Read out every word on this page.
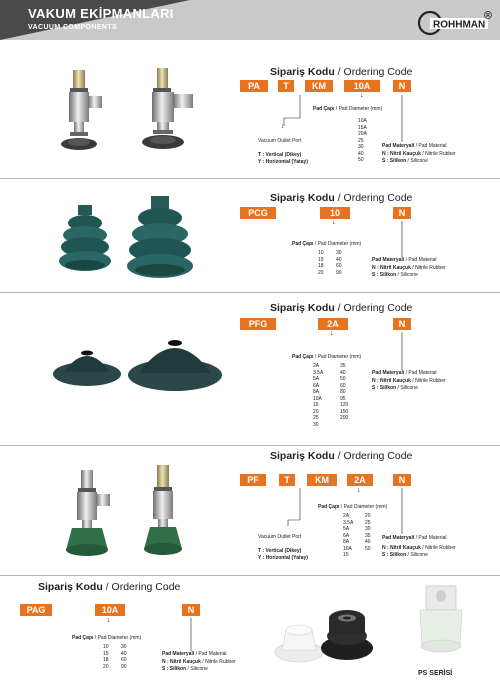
VAKUM EKİPMANLARI
VACUUM COMPONENTS	ROHHMAN
R
Sipariş Kodu / Ordering Code
PA	T	KM	10A	N
↓
Pad Çapı / Pad Diameter (mm)
10A
15A
20A
25
30
40
50
↓
Vacuum Outlet Port
T : Vertical (Dikey)
Y : Horizontal (Yatay)
Pad Materyali / Pad Material
N : Nitril Kauçuk / Nitrile Rubber
S : Silikon / Silicone
Sipariş Kodu / Ordering Code
PCG	10	N
↓
Pad Çapı / Pad Diameter (mm)
10
15
18
20
30
40
60
90
Pad Materyali / Pad Material
N : Nitril Kauçuk / Nitrile Rubber
S : Silikon / Silicone
Sipariş Kodu / Ordering Code
PFG	2A	N
↓
Pad Çapı / Pad Diameter (mm)
2A
3.5A
5A
6A
8A
10A
15
20
25
30
35
40
50
60
80
95
120
150
200
Pad Materyali / Pad Material
N : Nitril Kauçuk / Nitrile Rubber
S : Silikon / Silicone
Sipariş Kodu / Ordering Code
PF	T	KM	2A	N
↓
Pad Çapı / Pad Diameter (mm)
2A
3.5A
5A
6A
8A
10A
15
20
25
30
35
40
50
Vacuum Outlet Port
T : Vertical (Dikey)
Y : Horizontal (Yatay)
Pad Materyali / Pad Material
N : Nitril Kauçuk / Nitrile Rubber
S : Silikon / Silicone
Sipariş Kodu / Ordering Code
PAG	10A	N
↓
Pad Çapı / Pad Diameter (mm)
10
15
18
20
30
40
60
90
Pad Materyali / Pad Material
N : Nitril Kauçuk / Nitrile Rubber
S : Silikon / Silicone
PS SERİSİ
